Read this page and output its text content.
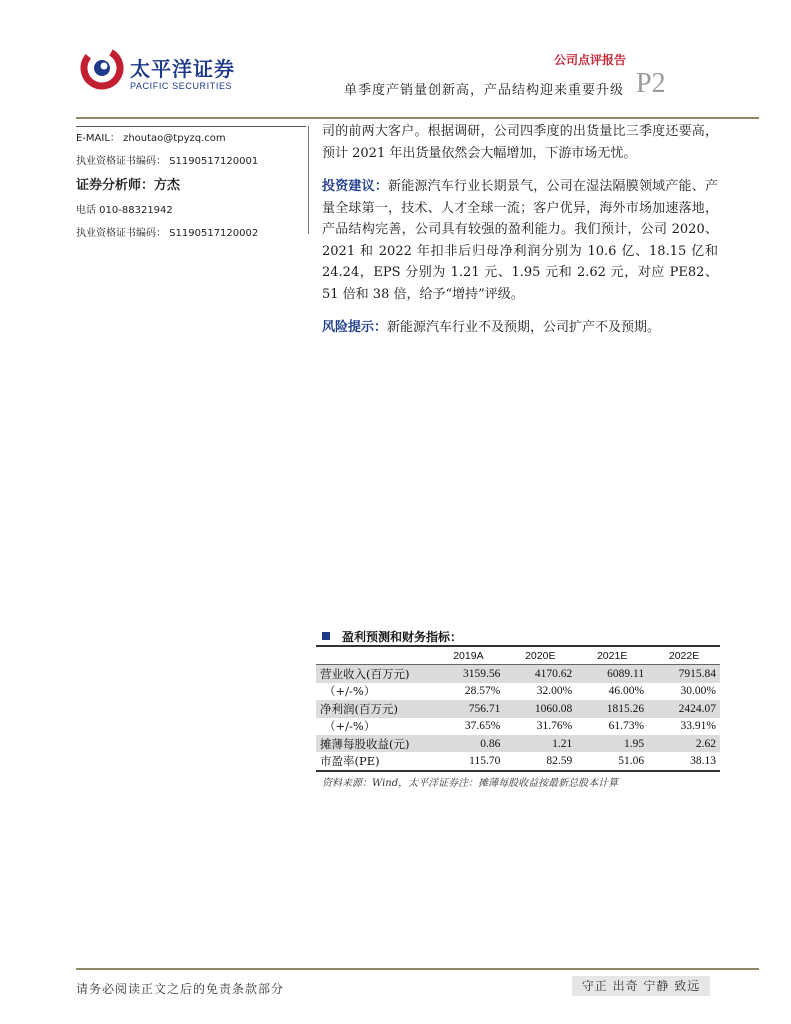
太平洋证券
PACIFIC SECURITIES
公司点评报告
单季度产销量创新高，产品结构迎来重要升级 P2
E-MAIL： zhoutao@tpyzq.com
执业资格证书编码： S1190517120001
证券分析师：方杰
电话 010-88321942
执业资格证书编码： S1190517120002

司的前两大客户。根据调研，公司四季度的出货量比三季度还要高，预计 2021 年出货量依然会大幅增加，下游市场无忧。

投资建议：新能源汽车行业长期景气，公司在湿法隔膜领域产能、产量全球第一，技术、人才全球一流；客户优异，海外市场加速落地，产品结构完善，公司具有较强的盈利能力。我们预计，公司 2020、2021 和 2022 年扣非后归母净利润分别为 10.6 亿、18.15 亿和 24.24，EPS 分别为 1.21 元、1.95 元和 2.62 元，对应 PE82、51 倍和 38 倍，给予“增持”评级。

风险提示：新能源汽车行业不及预期，公司扩产不及预期。

盈利预测和财务指标：
	2019A	2020E	2021E	2022E
营业收入(百万元)	3159.56	4170.62	6089.11	7915.84
（+/-%）	28.57%	32.00%	46.00%	30.00%
净利润(百万元)	756.71	1060.08	1815.26	2424.07
（+/-%）	37.65%	31.76%	61.73%	33.91%
摊薄每股收益(元)	0.86	1.21	1.95	2.62
市盈率(PE)	115.70	82.59	51.06	38.13
资料来源：Wind，太平洋证券注：摊薄每股收益按最新总股本计算
请务必阅读正文之后的免责条款部分	守正 出奇 宁静 致远
